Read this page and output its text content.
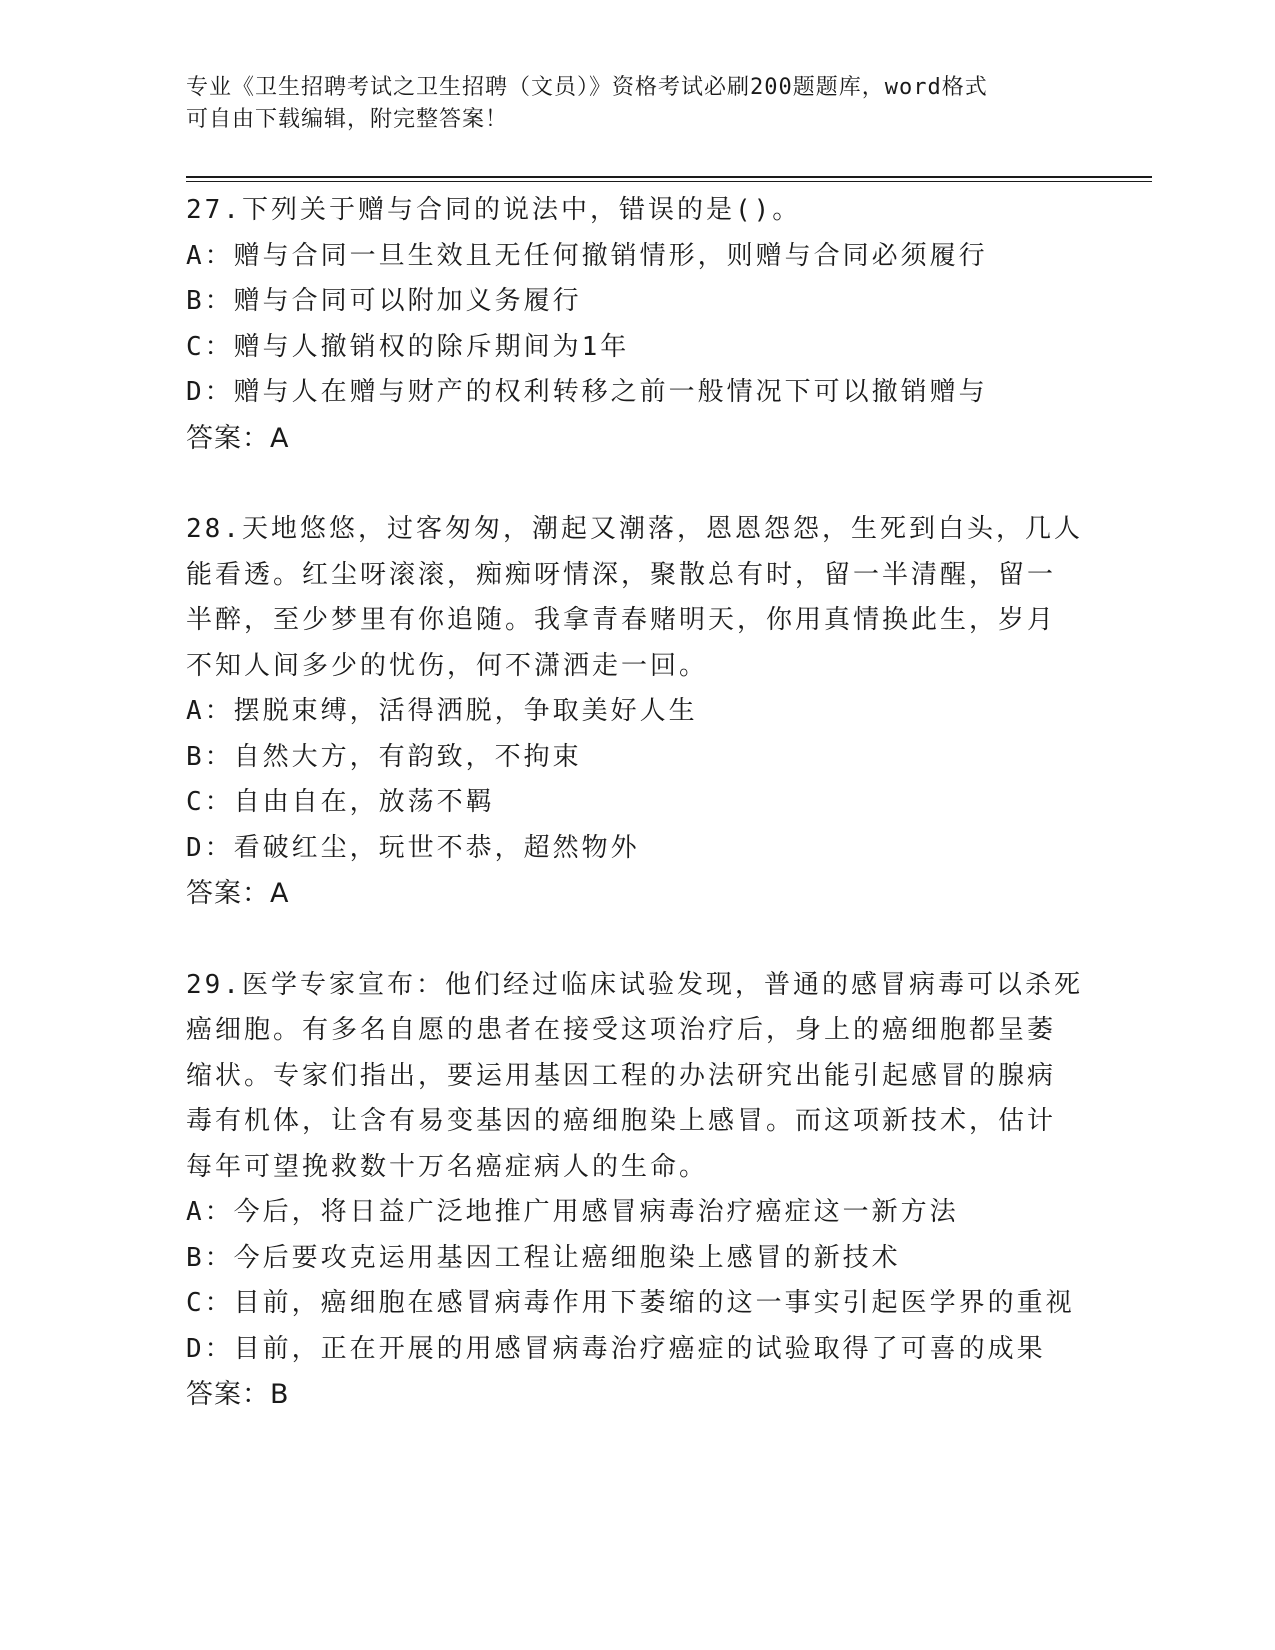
专业《卫生招聘考试之卫生招聘（文员）》资格考试必刷200题题库，word格式
可自由下载编辑，附完整答案！
27.下列关于赠与合同的说法中，错误的是()。
A：赠与合同一旦生效且无任何撤销情形，则赠与合同必须履行
B：赠与合同可以附加义务履行
C：赠与人撤销权的除斥期间为1年
D：赠与人在赠与财产的权利转移之前一般情况下可以撤销赠与
答案：A
28.天地悠悠，过客匆匆，潮起又潮落，恩恩怨怨，生死到白头，几人
能看透。红尘呀滚滚，痴痴呀情深，聚散总有时，留一半清醒，留一
半醉，至少梦里有你追随。我拿青春赌明天，你用真情换此生，岁月
不知人间多少的忧伤，何不潇洒走一回。
A：摆脱束缚，活得洒脱，争取美好人生
B：自然大方，有韵致，不拘束
C：自由自在，放荡不羁
D：看破红尘，玩世不恭，超然物外
答案：A
29.医学专家宣布：他们经过临床试验发现，普通的感冒病毒可以杀死
癌细胞。有多名自愿的患者在接受这项治疗后，身上的癌细胞都呈萎
缩状。专家们指出，要运用基因工程的办法研究出能引起感冒的腺病
毒有机体，让含有易变基因的癌细胞染上感冒。而这项新技术，估计
每年可望挽救数十万名癌症病人的生命。
A：今后，将日益广泛地推广用感冒病毒治疗癌症这一新方法
B：今后要攻克运用基因工程让癌细胞染上感冒的新技术
C：目前，癌细胞在感冒病毒作用下萎缩的这一事实引起医学界的重视
D：目前，正在开展的用感冒病毒治疗癌症的试验取得了可喜的成果
答案：B
